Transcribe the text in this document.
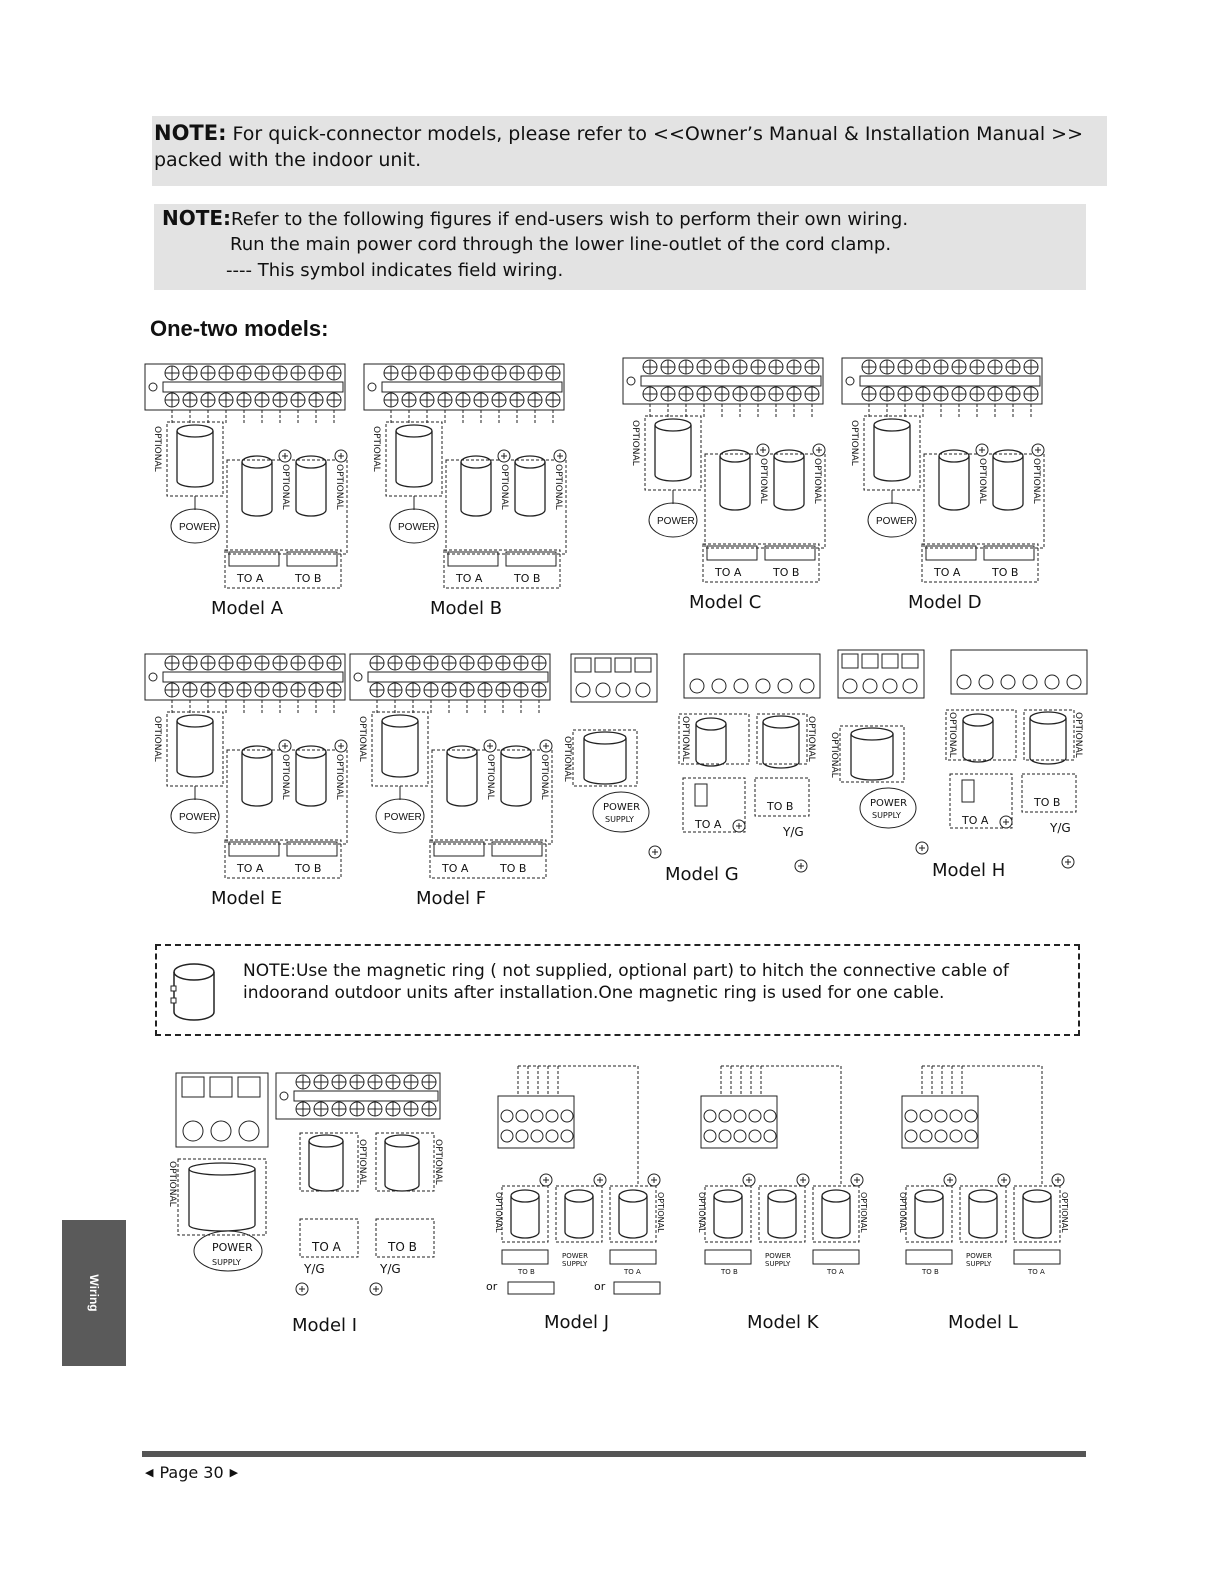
NOTE: For quick-connector models, please refer to <<Owner’s Manual & Installation Manual >>
packed with the indoor unit.

NOTE:Refer to the following figures if end-users wish to perform their own wiring.
Run the main power cord through the lower line-outlet of the cord clamp.
---- This symbol indicates field wiring.
One-two models:
OPTIONAL
POWER
OPTIONAL	OPTIONAL
TO A	TO B
Model A
OPTIONAL
POWER
OPTIONAL	OPTIONAL
TO A	TO B
Model B
OPTIONAL
POWER
OPTIONAL	OPTIONAL
TO A	TO B
Model C
OPTIONAL
POWER
OPTIONAL	OPTIONAL
TO A	TO B
Model D
OPTIONAL
POWER
OPTIONAL	OPTIONAL
TO A	TO B
Model E
OPTIONAL
POWER
OPTIONAL	OPTIONAL
TO A	TO B
Model F
OPTIONAL
POWER
SUPPLY
OPTIONAL	OPTIONAL
TO A
TO B
Y/G
Model G
OPTIONAL
POWER
SUPPLY
OPTIONAL	OPTIONAL
TO A
TO B
Y/G
Model H
OPTIONAL
POWER
SUPPLY
OPTIONAL	OPTIONAL
TO A	TO B
Y/G	Y/G
Model I
OPTIONAL	OPTIONAL
POWER
SUPPLY
TO B	TO A
or	or
Model J
OPTIONAL	OPTIONAL
POWER
SUPPLY
TO B	TO A
Model K
OPTIONAL	OPTIONAL
POWER
SUPPLY
TO B	TO A
Model L

NOTE:Use the magnetic ring ( not supplied, optional part) to hitch the connective cable of indoorand outdoor units after installation.One magnetic ring is used for one cable.

Wiring
◀ Page 30 ▶
